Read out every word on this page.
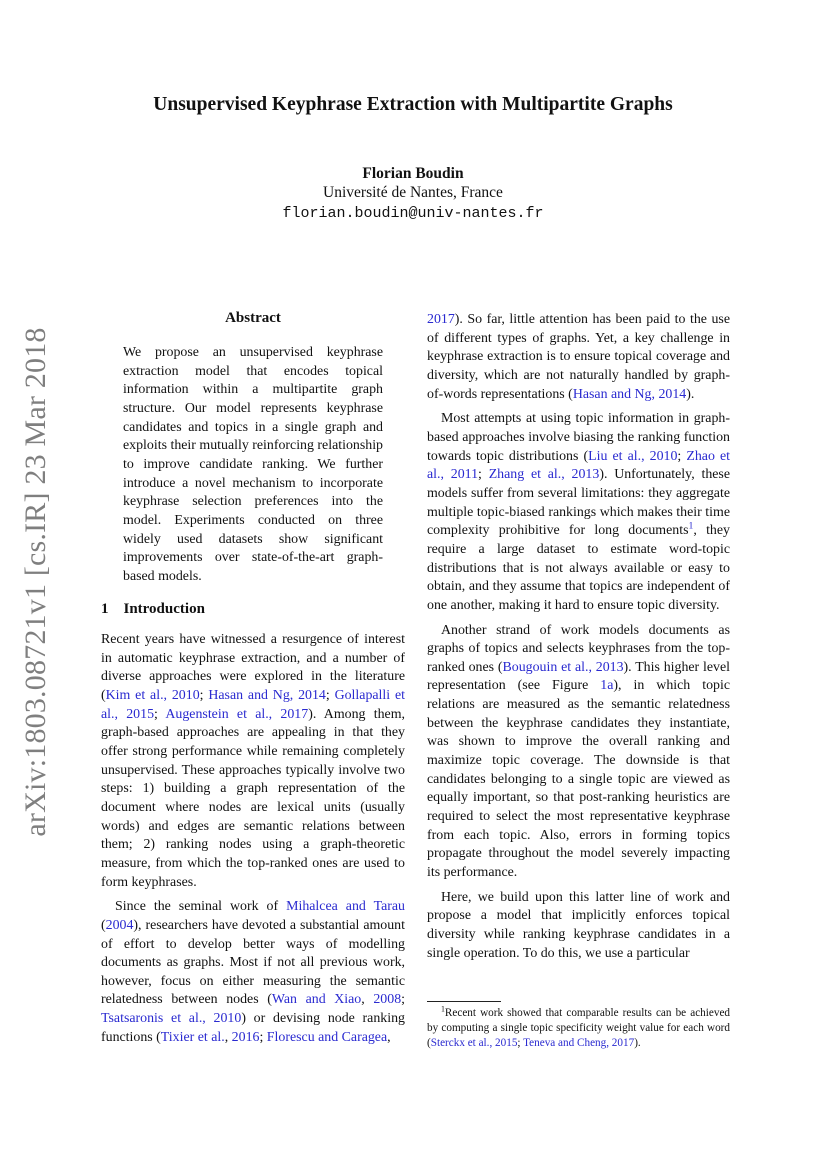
Unsupervised Keyphrase Extraction with Multipartite Graphs
Florian Boudin
Université de Nantes, France
florian.boudin@univ-nantes.fr
arXiv:1803.08721v1 [cs.IR] 23 Mar 2018
Abstract

We propose an unsupervised keyphrase extraction model that encodes topical information within a multipartite graph structure. Our model represents keyphrase candidates and topics in a single graph and exploits their mutually reinforcing relationship to improve candidate ranking. We further introduce a novel mechanism to incorporate keyphrase selection preferences into the model. Experiments conducted on three widely used datasets show significant improvements over state-of-the-art graph-based models.

1 Introduction

Recent years have witnessed a resurgence of interest in automatic keyphrase extraction, and a number of diverse approaches were explored in the literature (Kim et al., 2010; Hasan and Ng, 2014; Gollapalli et al., 2015; Augenstein et al., 2017). Among them, graph-based approaches are appealing in that they offer strong performance while remaining completely unsupervised. These approaches typically involve two steps: 1) building a graph representation of the document where nodes are lexical units (usually words) and edges are semantic relations between them; 2) ranking nodes using a graph-theoretic measure, from which the top-ranked ones are used to form keyphrases.

Since the seminal work of Mihalcea and Tarau (2004), researchers have devoted a substantial amount of effort to develop better ways of modelling documents as graphs. Most if not all previous work, however, focus on either measuring the semantic relatedness between nodes (Wan and Xiao, 2008; Tsatsaronis et al., 2010) or devising node ranking functions (Tixier et al., 2016; Florescu and Caragea,

2017). So far, little attention has been paid to the use of different types of graphs. Yet, a key challenge in keyphrase extraction is to ensure topical coverage and diversity, which are not naturally handled by graph-of-words representations (Hasan and Ng, 2014).

Most attempts at using topic information in graph-based approaches involve biasing the ranking function towards topic distributions (Liu et al., 2010; Zhao et al., 2011; Zhang et al., 2013). Unfortunately, these models suffer from several limitations: they aggregate multiple topic-biased rankings which makes their time complexity prohibitive for long documents$^1$, they require a large dataset to estimate word-topic distributions that is not always available or easy to obtain, and they assume that topics are independent of one another, making it hard to ensure topic diversity.

Another strand of work models documents as graphs of topics and selects keyphrases from the top-ranked ones (Bougouin et al., 2013). This higher level representation (see Figure 1a), in which topic relations are measured as the semantic relatedness between the keyphrase candidates they instantiate, was shown to improve the overall ranking and maximize topic coverage. The downside is that candidates belonging to a single topic are viewed as equally important, so that post-ranking heuristics are required to select the most representative keyphrase from each topic. Also, errors in forming topics propagate throughout the model severely impacting its performance.

Here, we build upon this latter line of work and propose a model that implicitly enforces topical diversity while ranking keyphrase candidates in a single operation. To do this, we use a particular

$^1$Recent work showed that comparable results can be achieved by computing a single topic specificity weight value for each word (Sterckx et al., 2015; Teneva and Cheng, 2017).
